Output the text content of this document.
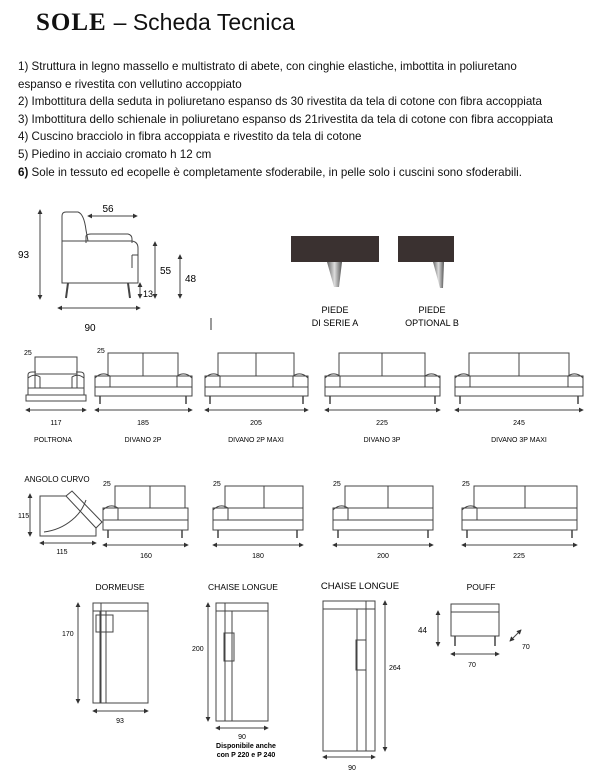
SOLE – Scheda Tecnica
1) Struttura in legno massello e multistrato di abete, con cinghie elastiche, imbottita in poliuretano
espanso e rivestita con vellutino accoppiato
2) Imbottitura della seduta in poliuretano espanso ds 30 rivestita da tela di cotone con fibra accoppiata
3) Imbottitura dello schienale in poliuretano espanso ds 21rivestita da tela di cotone con fibra accoppiata
4) Cuscino bracciolo in fibra accoppiata e rivestito da tela di cotone
5) Piedino in acciaio cromato h 12 cm
6) Sole in tessuto ed ecopelle è completamente sfoderabile, in pelle solo i cuscini sono sfoderabili.
56
93
55
48
13
90
PIEDE
DI SERIE A
PIEDE
OPTIONAL B
25	25
117	185	205	225	245
POLTRONA	DIVANO 2P	DIVANO 2P MAXI	DIVANO 3P	DIVANO 3P MAXI
ANGOLO CURVO
115
115
25	25	25	25
160	180	200	225
DORMEUSE	CHAISE LONGUE	CHAISE LONGUE	POUFF
170
93
200
90
Disponibile anche
con P 220 e P 240
264
90
44
70
70
